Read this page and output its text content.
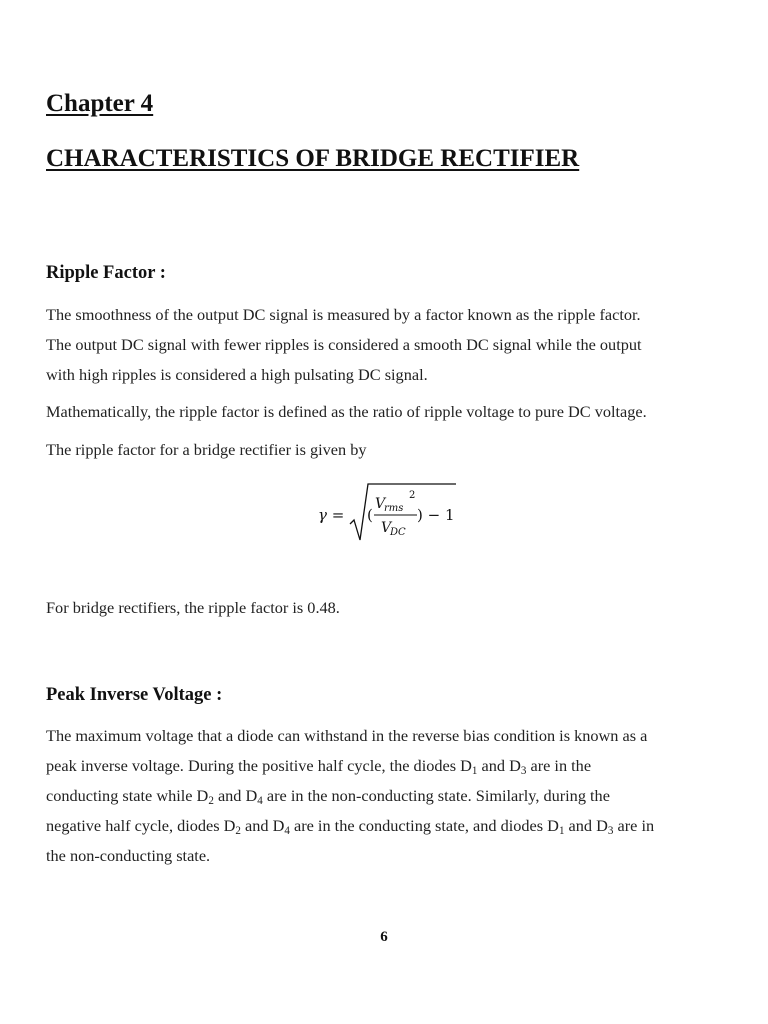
Chapter 4
CHARACTERISTICS OF BRIDGE RECTIFIER
Ripple Factor :

The smoothness of the output DC signal is measured by a factor known as the ripple factor.
The output DC signal with fewer ripples is considered a smooth DC signal while the output
with high ripples is considered a high pulsating DC signal.

Mathematically, the ripple factor is defined as the ratio of ripple voltage to pure DC voltage.

The ripple factor for a bridge rectifier is given by

γ = (
V
rms
2
V
DC
) − 1

For bridge rectifiers, the ripple factor is 0.48.

Peak Inverse Voltage :

The maximum voltage that a diode can withstand in the reverse bias condition is known as a
peak inverse voltage. During the positive half cycle, the diodes $D_1$ and $D_3$ are in the
conducting state while $D_2$ and $D_4$ are in the non-conducting state. Similarly, during the
negative half cycle, diodes $D_2$ and $D_4$ are in the conducting state, and diodes $D_1$ and $D_3$ are in
the non-conducting state.

6
